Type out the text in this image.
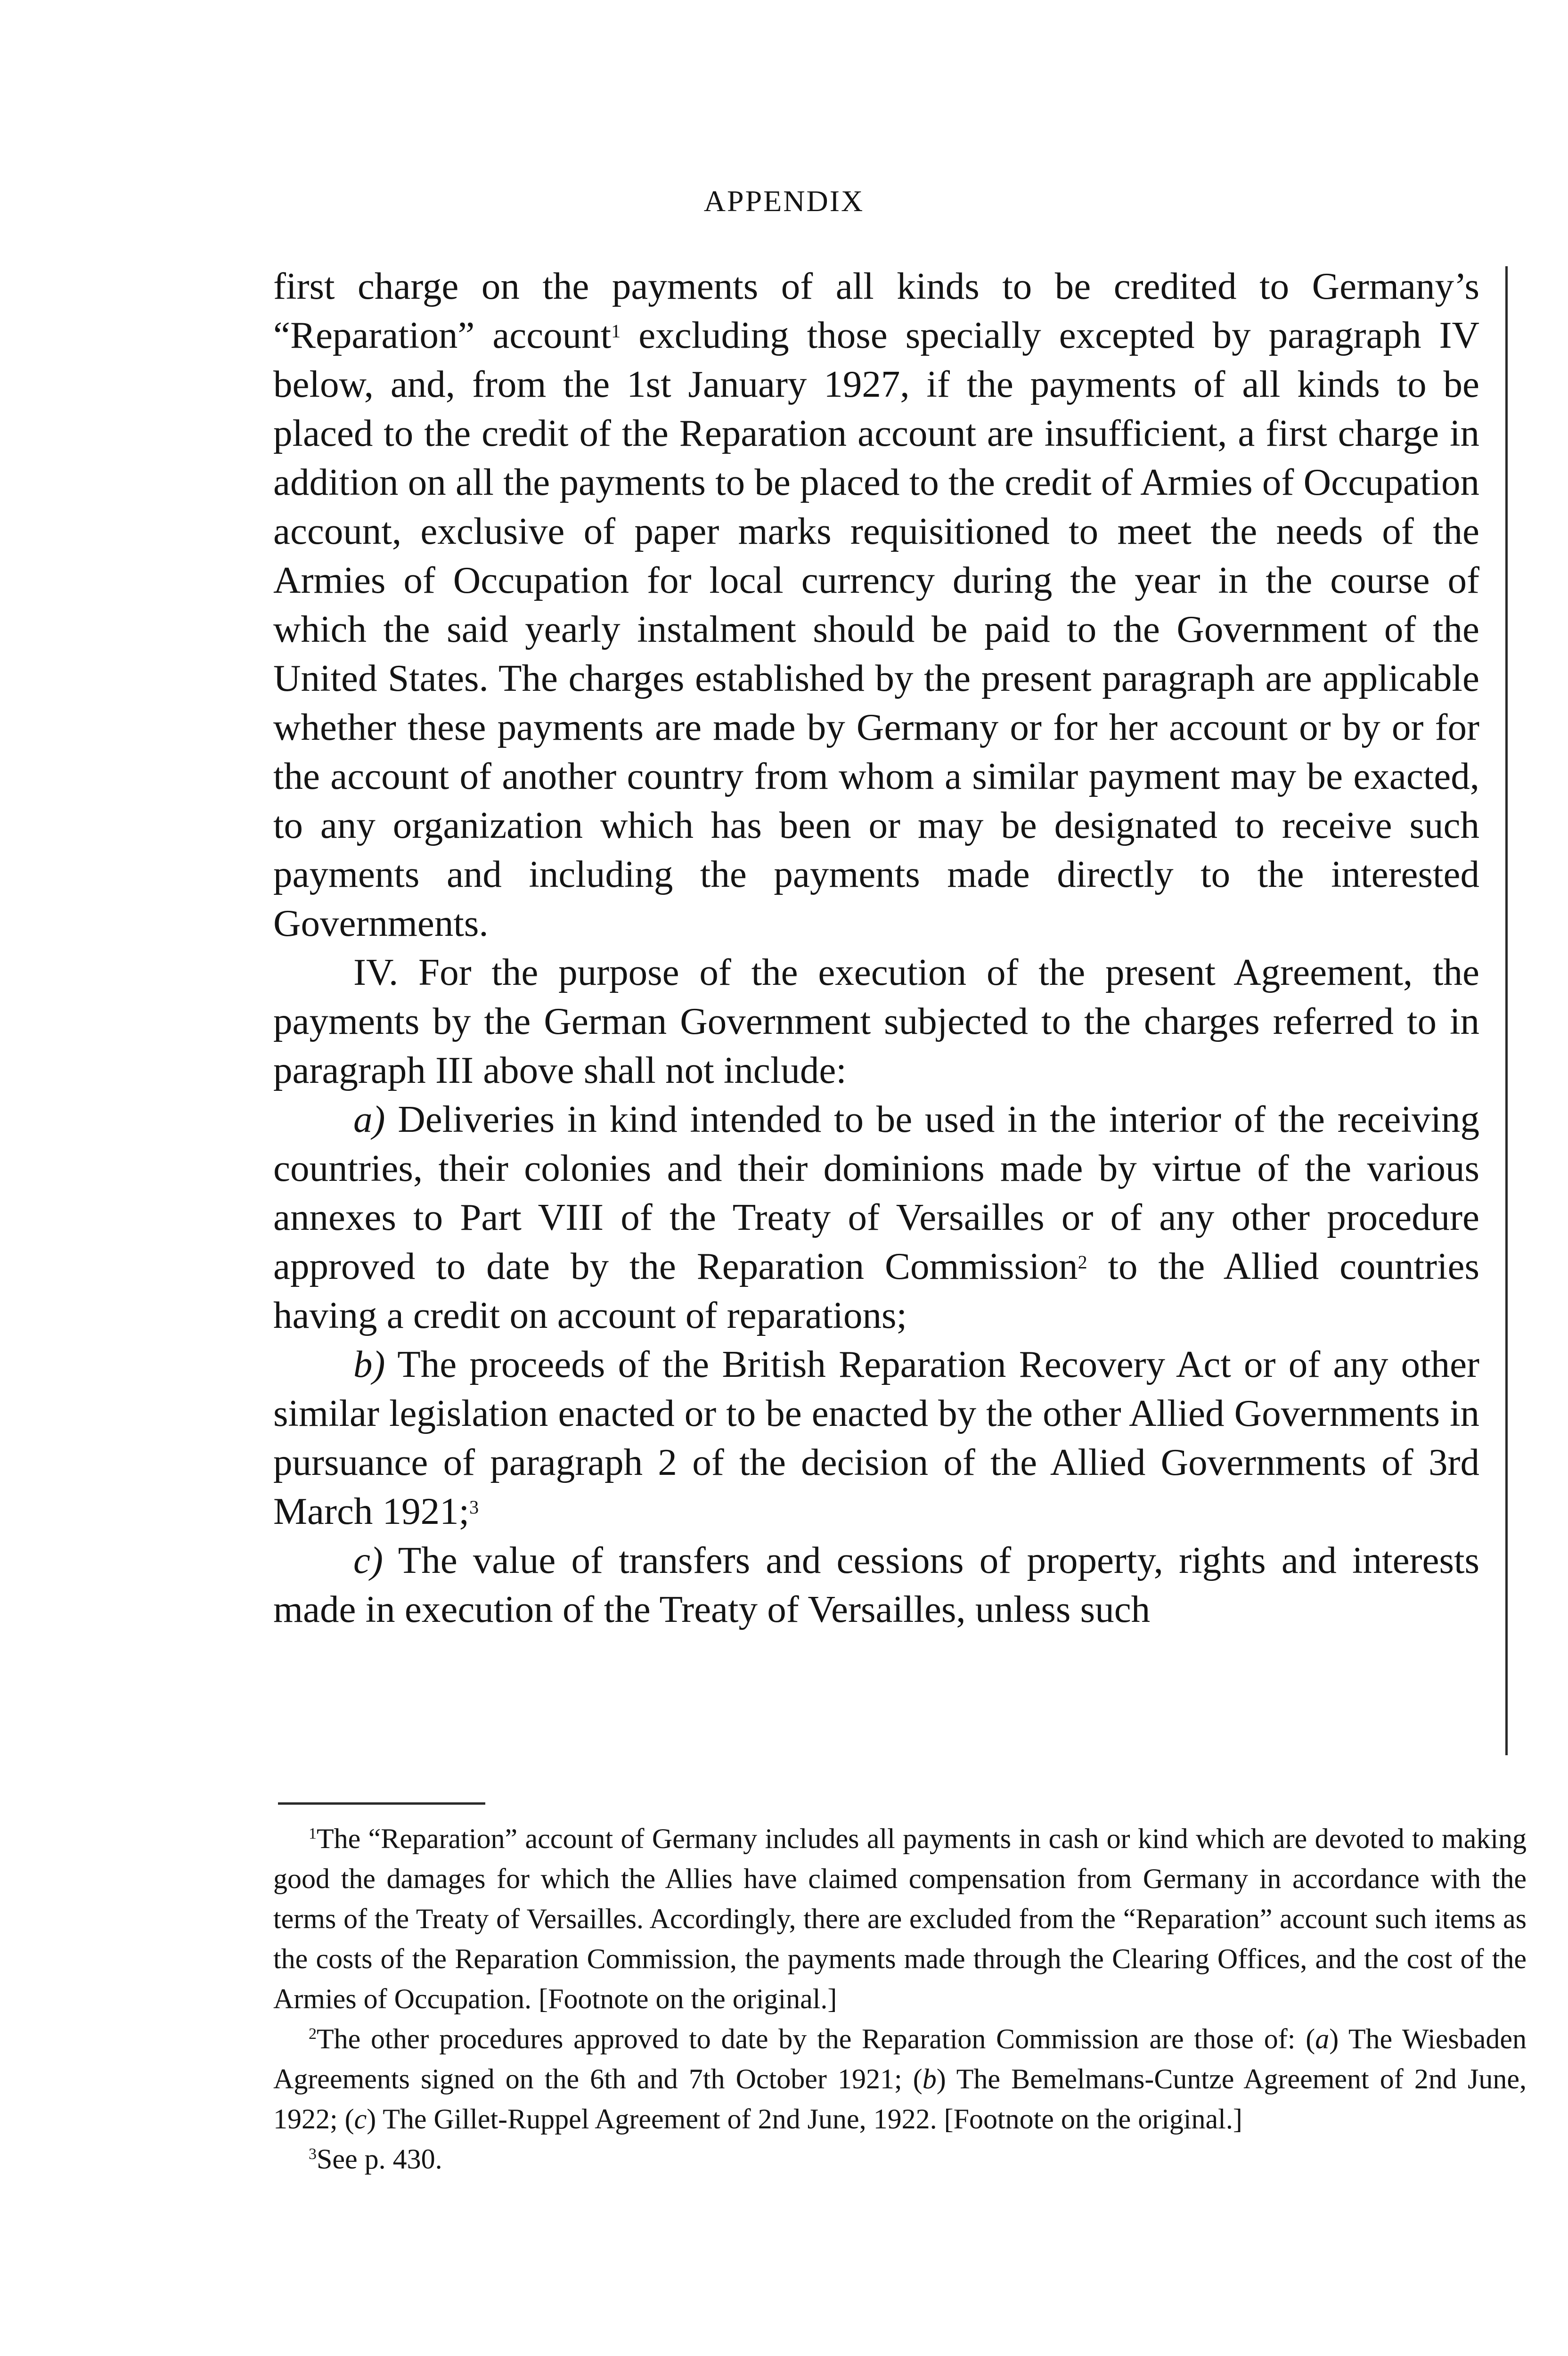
APPENDIX

first charge on the payments of all kinds to be credited to Germany’s “Reparation” account$^1$ excluding those specially excepted by paragraph IV below, and, from the 1st January 1927, if the payments of all kinds to be placed to the credit of the Reparation account are insufficient, a first charge in addition on all the payments to be placed to the credit of Armies of Occupation account, exclusive of paper marks requisitioned to meet the needs of the Armies of Occupation for local currency during the year in the course of which the said yearly instalment should be paid to the Government of the United States. The charges established by the present paragraph are applicable whether these payments are made by Germany or for her account or by or for the account of another country from whom a similar payment may be exacted, to any organization which has been or may be designated to receive such payments and including the payments made directly to the interested Governments.

IV. For the purpose of the execution of the present Agreement, the payments by the German Government subjected to the charges referred to in paragraph III above shall not include:

a) Deliveries in kind intended to be used in the interior of the receiving countries, their colonies and their dominions made by virtue of the various annexes to Part VIII of the Treaty of Versailles or of any other procedure approved to date by the Reparation Commission$^2$ to the Allied countries having a credit on account of reparations;

b) The proceeds of the British Reparation Recovery Act or of any other similar legislation enacted or to be enacted by the other Allied Governments in pursuance of paragraph 2 of the decision of the Allied Governments of 3rd March 1921;$^3$

c) The value of transfers and cessions of property, rights and interests made in execution of the Treaty of Versailles, unless such

$^1$The “Reparation” account of Germany includes all payments in cash or kind which are devoted to making good the damages for which the Allies have claimed compensation from Germany in accordance with the terms of the Treaty of Versailles. Accordingly, there are excluded from the “Reparation” account such items as the costs of the Reparation Commission, the payments made through the Clearing Offices, and the cost of the Armies of Occupation. [Footnote on the original.]

$^2$The other procedures approved to date by the Reparation Commission are those of: (a) The Wiesbaden Agreements signed on the 6th and 7th October 1921; (b) The Bemelmans-Cuntze Agreement of 2nd June, 1922; (c) The Gillet-Ruppel Agreement of 2nd June, 1922. [Footnote on the original.]

$^3$See p. 430.
